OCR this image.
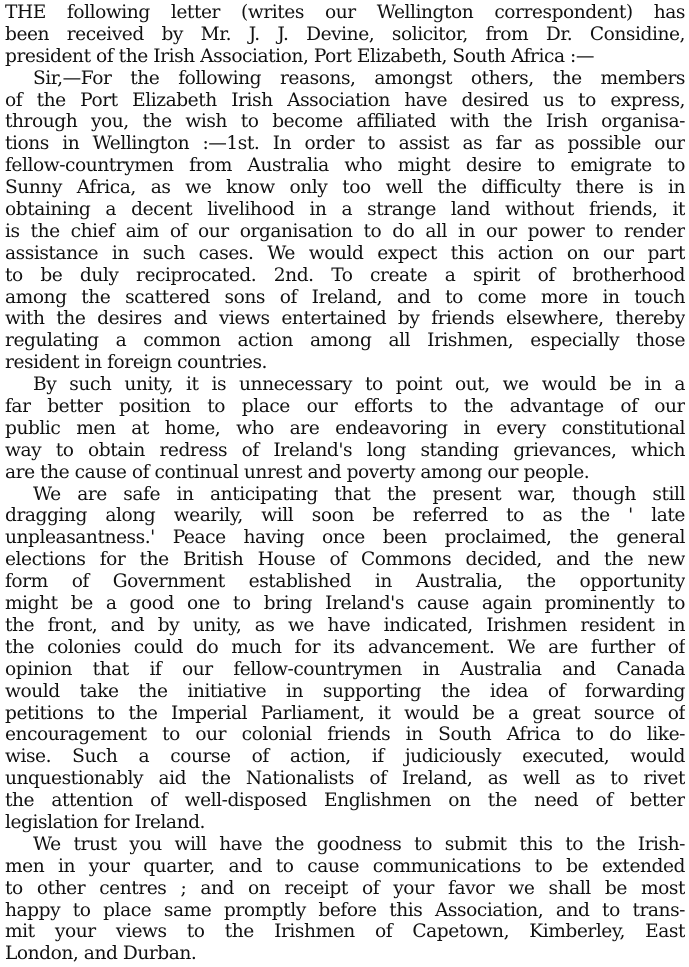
THE following letter (writes our Wellington correspondent) has
been received by Mr. J. J. Devine, solicitor, from Dr. Considine,
president of the Irish Association, Port Elizabeth, South Africa :—
Sir,—For the following reasons, amongst others, the members
of the Port Elizabeth Irish Association have desired us to express,
through you, the wish to become affiliated with the Irish organisa-
tions in Wellington :—1st. In order to assist as far as possible our
fellow-countrymen from Australia who might desire to emigrate to
Sunny Africa, as we know only too well the difficulty there is in
obtaining a decent livelihood in a strange land without friends, it
is the chief aim of our organisation to do all in our power to render
assistance in such cases. We would expect this action on our part
to be duly reciprocated. 2nd. To create a spirit of brotherhood
among the scattered sons of Ireland, and to come more in touch
with the desires and views entertained by friends elsewhere, thereby
regulating a common action among all Irishmen, especially those
resident in foreign countries.
By such unity, it is unnecessary to point out, we would be in a
far better position to place our efforts to the advantage of our
public men at home, who are endeavoring in every constitutional
way to obtain redress of Ireland's long standing grievances, which
are the cause of continual unrest and poverty among our people.
We are safe in anticipating that the present war, though still
dragging along wearily, will soon be referred to as the ' late
unpleasantness.' Peace having once been proclaimed, the general
elections for the British House of Commons decided, and the new
form of Government established in Australia, the opportunity
might be a good one to bring Ireland's cause again prominently to
the front, and by unity, as we have indicated, Irishmen resident in
the colonies could do much for its advancement. We are further of
opinion that if our fellow-countrymen in Australia and Canada
would take the initiative in supporting the idea of forwarding
petitions to the Imperial Parliament, it would be a great source of
encouragement to our colonial friends in South Africa to do like-
wise. Such a course of action, if judiciously executed, would
unquestionably aid the Nationalists of Ireland, as well as to rivet
the attention of well-disposed Englishmen on the need of better
legislation for Ireland.
We trust you will have the goodness to submit this to the Irish-
men in your quarter, and to cause communications to be extended
to other centres ; and on receipt of your favor we shall be most
happy to place same promptly before this Association, and to trans-
mit your views to the Irishmen of Capetown, Kimberley, East
London, and Durban.
